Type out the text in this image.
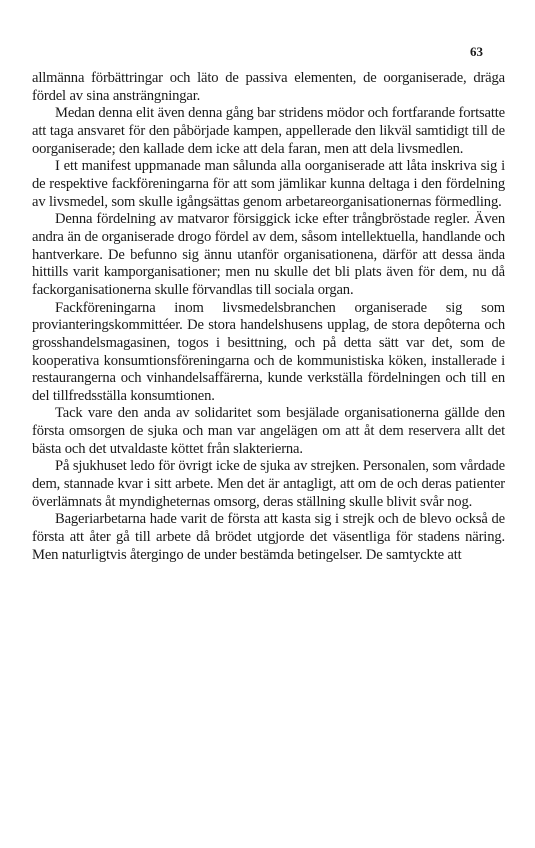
63

allmänna förbättringar och läto de passiva elementen, de oorganiserade, dräga fördel av sina ansträngningar.

Medan denna elit även denna gång bar stridens mödor och fortfarande fortsatte att taga ansvaret för den påbörjade kampen, appellerade den likväl samtidigt till de oorganiserade; den kallade dem icke att dela faran, men att dela livsmedlen.

I ett manifest uppmanade man sålunda alla oorganiserade att låta inskriva sig i de respektive fackföreningarna för att som jämlikar kunna deltaga i den fördelning av livsmedel, som skulle igångsättas genom arbetareorganisationernas förmedling.

Denna fördelning av matvaror försiggick icke efter trångbröstade regler. Även andra än de organiserade drogo fördel av dem, såsom intellektuella, handlande och hantverkare. De befunno sig ännu utanför organisationena, därför att dessa ända hittills varit kamporganisationer; men nu skulle det bli plats även för dem, nu då fackorganisationerna skulle förvandlas till sociala organ.

Fackföreningarna inom livsmedelsbranchen organiserade sig som provianteringskommittéer. De stora handelshusens upplag, de stora depôterna och grosshandelsmagasinen, togos i besittning, och på detta sätt var det, som de kooperativa konsumtionsföreningarna och de kommunistiska köken, installerade i restaurangerna och vinhandelsaffärerna, kunde verkställa fördelningen och till en del tillfredsställa konsumtionen.

Tack vare den anda av solidaritet som besjälade organisationerna gällde den första omsorgen de sjuka och man var angelägen om att åt dem reservera allt det bästa och det utvaldaste köttet från slakterierna.

På sjukhuset ledo för övrigt icke de sjuka av strejken. Personalen, som vårdade dem, stannade kvar i sitt arbete. Men det är antagligt, att om de och deras patienter överlämnats åt myndigheternas omsorg, deras ställning skulle blivit svår nog.

Bageriarbetarna hade varit de första att kasta sig i strejk och de blevo också de första att åter gå till arbete då brödet utgjorde det väsentliga för stadens näring. Men naturligtvis återgingo de under bestämda betingelser. De samtyckte att
